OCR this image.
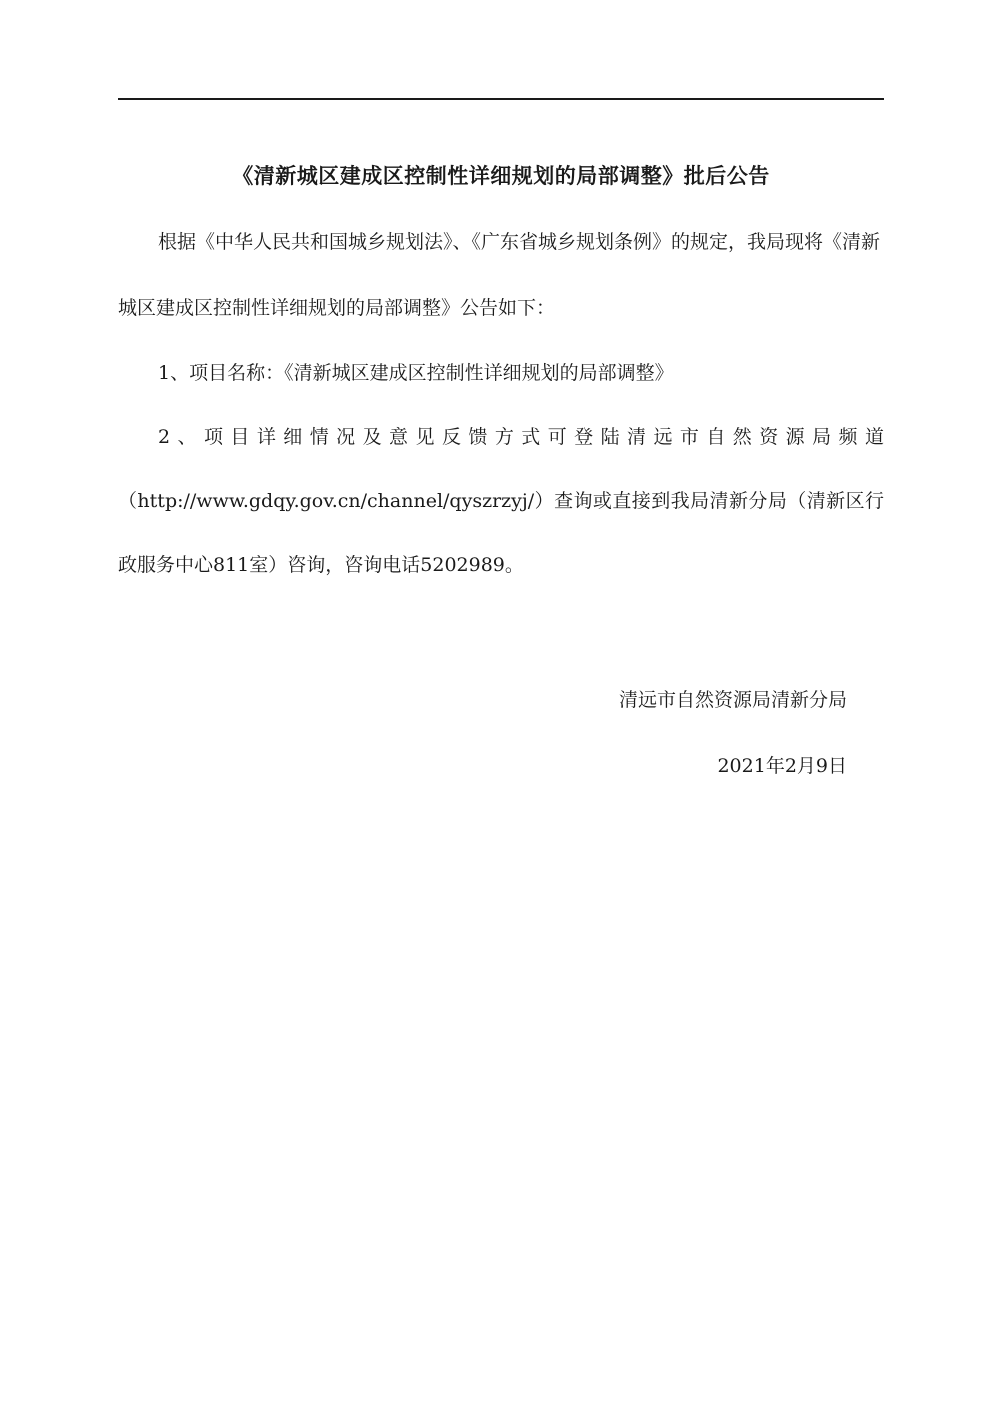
《清新城区建成区控制性详细规划的局部调整》批后公告
根据《中华人民共和国城乡规划法》、《广东省城乡规划条例》的规定，我局现将《清新城区建成区控制性详细规划的局部调整》公告如下：
1、项目名称：《清新城区建成区控制性详细规划的局部调整》
2、项目详细情况及意见反馈方式可登陆清远市自然资源局频道（http://www.gdqy.gov.cn/channel/qyszrzyj/）查询或直接到我局清新分局（清新区行政服务中心811室）咨询，咨询电话5202989。
清远市自然资源局清新分局
2021年2月9日
